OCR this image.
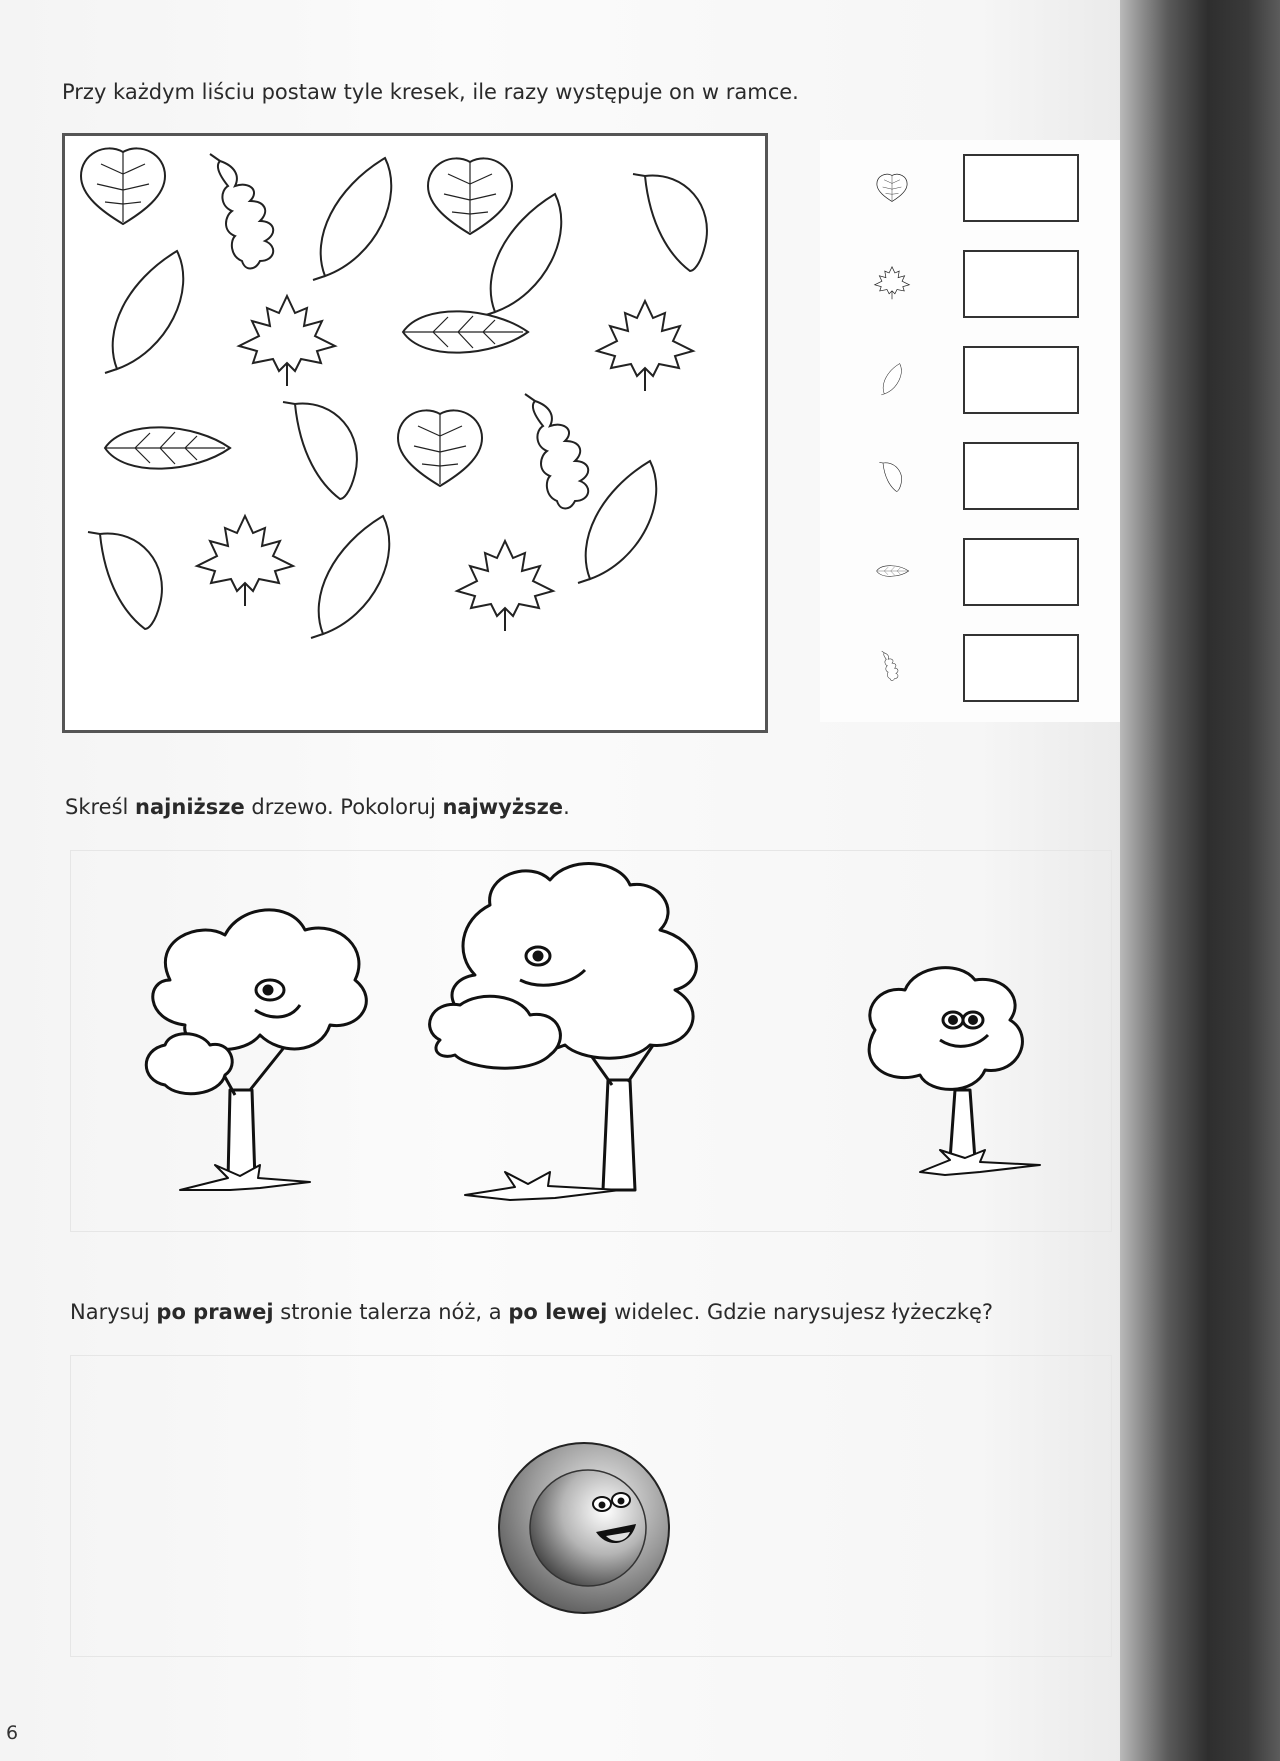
Przy każdym liściu postaw tyle kresek, ile razy występuje on w ramce.
Skreśl najniższe drzewo. Pokoloruj najwyższe.
Narysuj po prawej stronie talerza nóż, a po lewej widelec. Gdzie narysujesz łyżeczkę?
6
